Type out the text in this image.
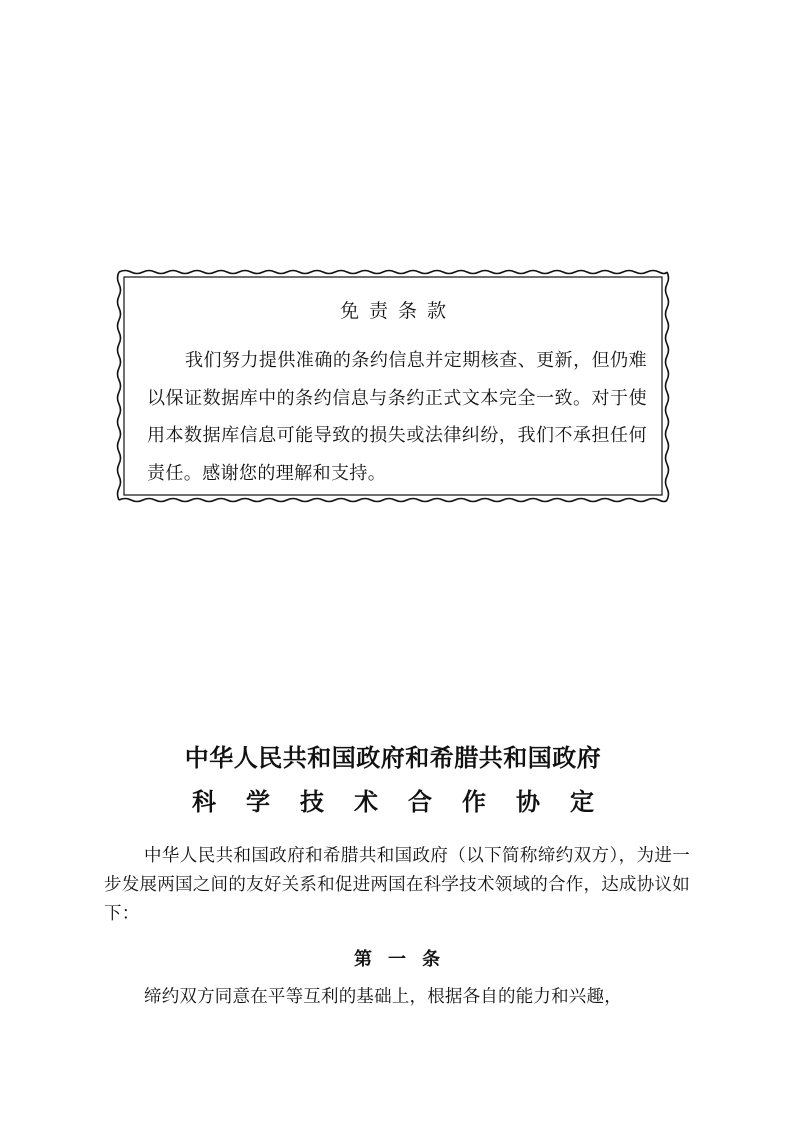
免责条款

我们努力提供准确的条约信息并定期核查、更新，但仍难以保证数据库中的条约信息与条约正式文本完全一致。对于使用本数据库信息可能导致的损失或法律纠纷，我们不承担任何责任。感谢您的理解和支持。

中华人民共和国政府和希腊共和国政府
科学技术合作协定

中华人民共和国政府和希腊共和国政府（以下简称缔约双方），为进一步发展两国之间的友好关系和促进两国在科学技术领域的合作，达成协议如下：

第一条

缔约双方同意在平等互利的基础上，根据各自的能力和兴趣，
